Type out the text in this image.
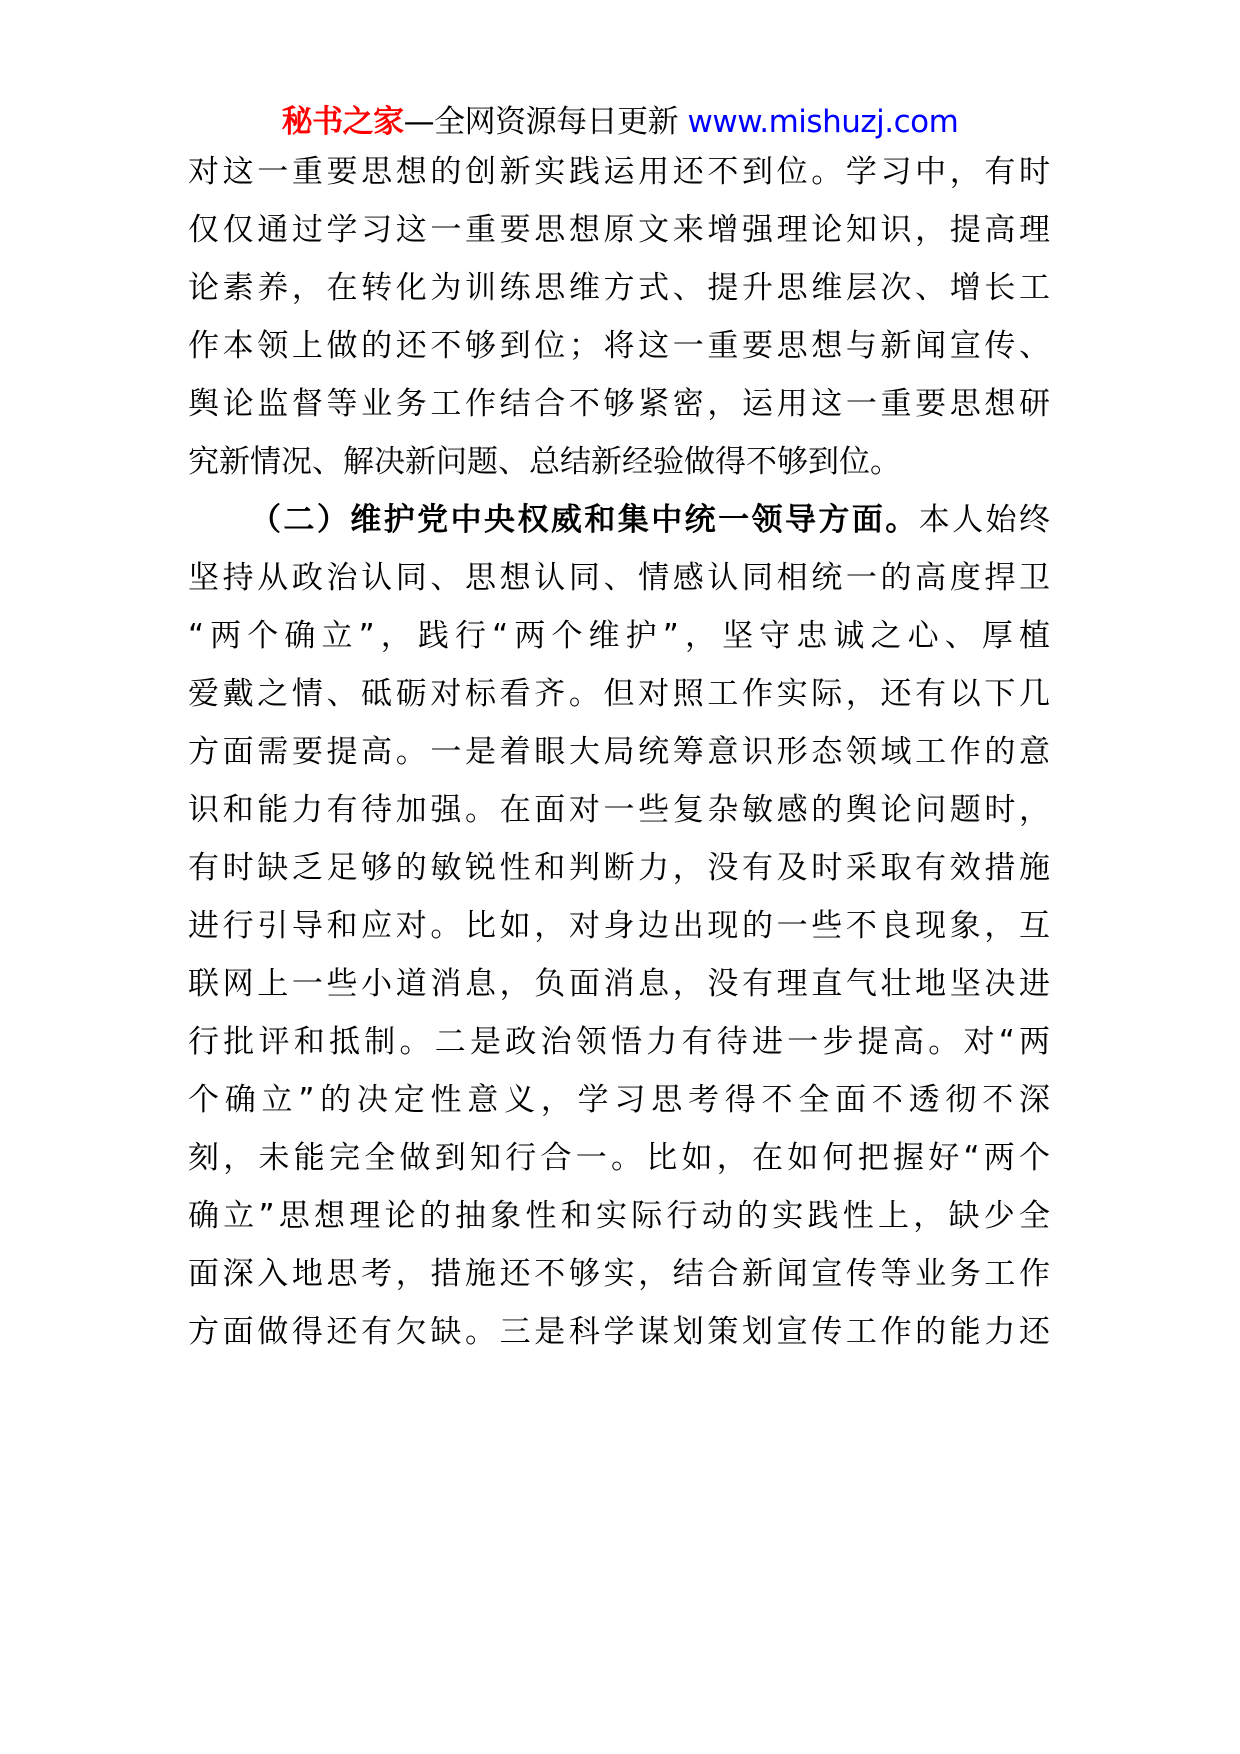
秘书之家—全网资源每日更新 www.mishuzj.com
对这一重要思想的创新实践运用还不到位。学习中，有时
仅仅通过学习这一重要思想原文来增强理论知识，提高理
论素养，在转化为训练思维方式、提升思维层次、增长工
作本领上做的还不够到位；将这一重要思想与新闻宣传、
舆论监督等业务工作结合不够紧密，运用这一重要思想研
究新情况、解决新问题、总结新经验做得不够到位。
（二）维护党中央权威和集中统一领导方面。本人始终
坚持从政治认同、思想认同、情感认同相统一的高度捍卫
“两个确立”，践行“两个维护”，坚守忠诚之心、厚植
爱戴之情、砥砺对标看齐。但对照工作实际，还有以下几
方面需要提高。一是着眼大局统筹意识形态领域工作的意
识和能力有待加强。在面对一些复杂敏感的舆论问题时，
有时缺乏足够的敏锐性和判断力，没有及时采取有效措施
进行引导和应对。比如，对身边出现的一些不良现象，互
联网上一些小道消息，负面消息，没有理直气壮地坚决进
行批评和抵制。二是政治领悟力有待进一步提高。对“两
个确立”的决定性意义，学习思考得不全面不透彻不深
刻，未能完全做到知行合一。比如，在如何把握好“两个
确立”思想理论的抽象性和实际行动的实践性上，缺少全
面深入地思考，措施还不够实，结合新闻宣传等业务工作
方面做得还有欠缺。三是科学谋划策划宣传工作的能力还
